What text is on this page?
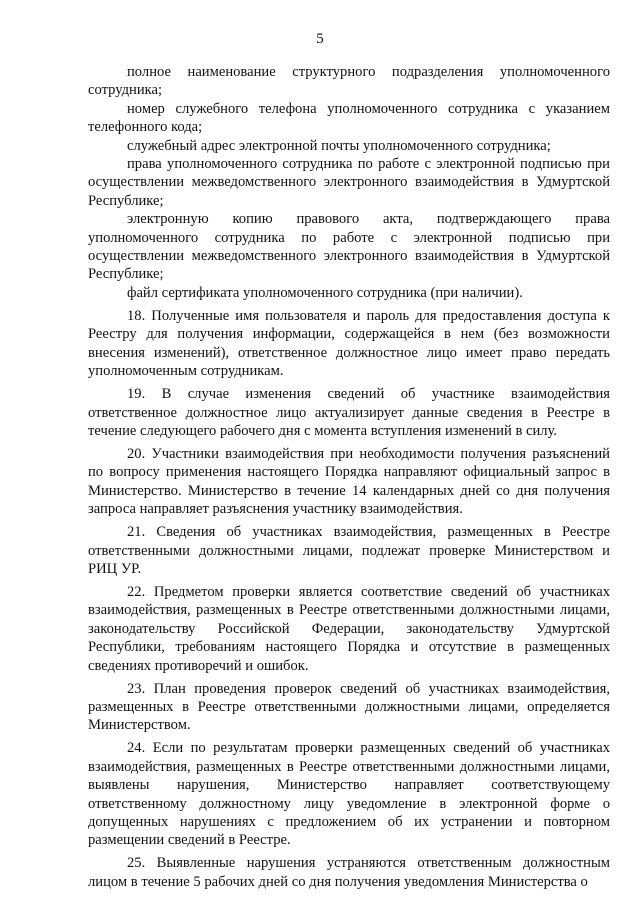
5

полное наименование структурного подразделения уполномоченного сотрудника;

номер служебного телефона уполномоченного сотрудника с указанием телефонного кода;

служебный адрес электронной почты уполномоченного сотрудника;

права уполномоченного сотрудника по работе с электронной подписью при осуществлении межведомственного электронного взаимодействия в Удмуртской Республике;

электронную копию правового акта, подтверждающего права уполномоченного сотрудника по работе с электронной подписью при осуществлении межведомственного электронного взаимодействия в Удмуртской Республике;

файл сертификата уполномоченного сотрудника (при наличии).

18. Полученные имя пользователя и пароль для предоставления доступа к Реестру для получения информации, содержащейся в нем (без возможности внесения изменений), ответственное должностное лицо имеет право передать уполномоченным сотрудникам.

19. В случае изменения сведений об участнике взаимодействия ответственное должностное лицо актуализирует данные сведения в Реестре в течение следующего рабочего дня с момента вступления изменений в силу.

20. Участники взаимодействия при необходимости получения разъяснений по вопросу применения настоящего Порядка направляют официальный запрос в Министерство. Министерство в течение 14 календарных дней со дня получения запроса направляет разъяснения участнику взаимодействия.

21. Сведения об участниках взаимодействия, размещенных в Реестре ответственными должностными лицами, подлежат проверке Министерством и РИЦ УР.

22. Предметом проверки является соответствие сведений об участниках взаимодействия, размещенных в Реестре ответственными должностными лицами, законодательству Российской Федерации, законодательству Удмуртской Республики, требованиям настоящего Порядка и отсутствие в размещенных сведениях противоречий и ошибок.

23. План проведения проверок сведений об участниках взаимодействия, размещенных в Реестре ответственными должностными лицами, определяется Министерством.

24. Если по результатам проверки размещенных сведений об участниках взаимодействия, размещенных в Реестре ответственными должностными лицами, выявлены нарушения, Министерство направляет соответствующему ответственному должностному лицу уведомление в электронной форме о допущенных нарушениях с предложением об их устранении и повторном размещении сведений в Реестре.

25. Выявленные нарушения устраняются ответственным должностным лицом в течение 5 рабочих дней со дня получения уведомления Министерства о
